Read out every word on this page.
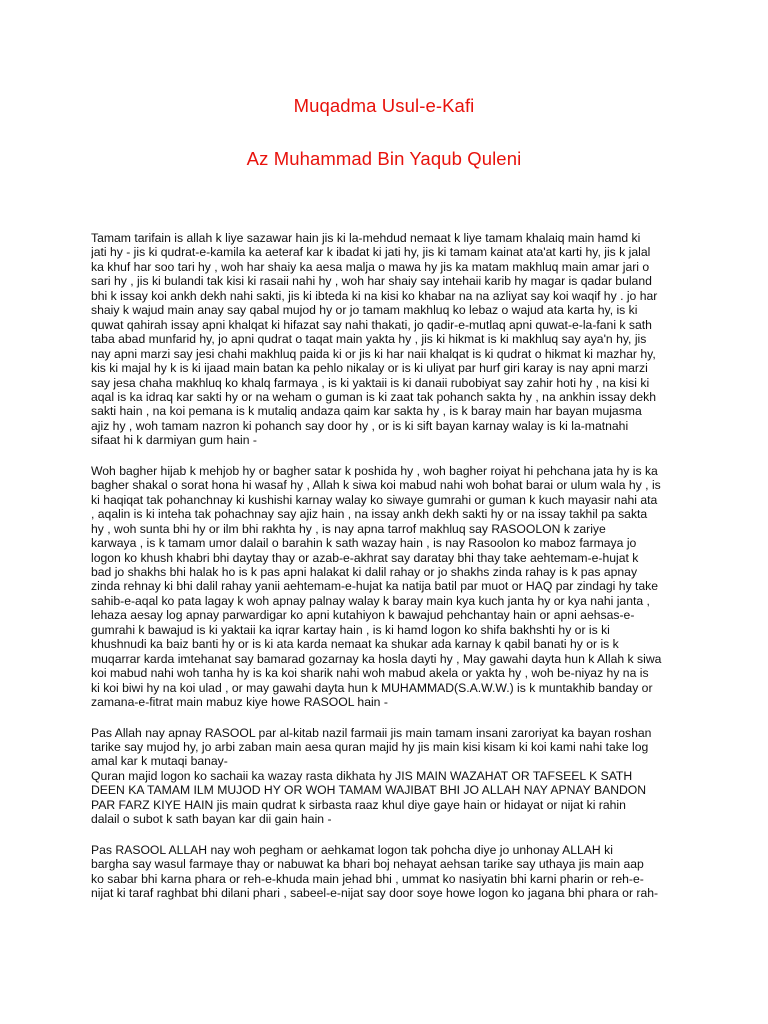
Muqadma Usul-e-Kafi
Az Muhammad Bin Yaqub Quleni

Tamam tarifain is allah k liye sazawar hain jis ki la-mehdud nemaat k liye tamam khalaiq main hamd ki
jati hy - jis ki qudrat-e-kamila ka aeteraf kar k ibadat ki jati hy, jis ki tamam kainat ata'at karti hy, jis k jalal
ka khuf har soo tari hy , woh har shaiy ka aesa malja o mawa hy jis ka matam makhluq main amar jari o
sari hy , jis ki bulandi tak kisi ki rasaii nahi hy , woh har shaiy say intehaii karib hy magar is qadar buland
bhi k issay koi ankh dekh nahi sakti, jis ki ibteda ki na kisi ko khabar na na azliyat say koi waqif hy . jo har
shaiy k wajud main anay say qabal mujod hy or jo tamam makhluq ko lebaz o wajud ata karta hy, is ki
quwat qahirah issay apni khalqat ki hifazat say nahi thakati, jo qadir-e-mutlaq apni quwat-e-la-fani k sath
taba abad munfarid hy, jo apni qudrat o taqat main yakta hy , jis ki hikmat is ki makhluq say aya'n hy, jis
nay apni marzi say jesi chahi makhluq paida ki or jis ki har naii khalqat is ki qudrat o hikmat ki mazhar hy,
kis ki majal hy k is ki ijaad main batan ka pehlo nikalay or is ki uliyat par hurf giri karay is nay apni marzi
say jesa chaha makhluq ko khalq farmaya , is ki yaktaii is ki danaii rubobiyat say zahir hoti hy , na kisi ki
aqal is ka idraq kar sakti hy or na weham o guman is ki zaat tak pohanch sakta hy , na ankhin issay dekh
sakti hain , na koi pemana is k mutaliq andaza qaim kar sakta hy , is k baray main har bayan mujasma
ajiz hy , woh tamam nazron ki pohanch say door hy , or is ki sift bayan karnay walay is ki la-matnahi
sifaat hi k darmiyan gum hain -

Woh bagher hijab k mehjob hy or bagher satar k poshida hy , woh bagher roiyat hi pehchana jata hy is ka
bagher shakal o sorat hona hi wasaf hy , Allah k siwa koi mabud nahi woh bohat barai or ulum wala hy , is
ki haqiqat tak pohanchnay ki kushishi karnay walay ko siwaye gumrahi or guman k kuch mayasir nahi ata
, aqalin is ki inteha tak pohachnay say ajiz hain , na issay ankh dekh sakti hy or na issay takhil pa sakta
hy , woh sunta bhi hy or ilm bhi rakhta hy , is nay apna tarrof makhluq say RASOOLON k zariye
karwaya , is k tamam umor dalail o barahin k sath wazay hain , is nay Rasoolon ko maboz farmaya jo
logon ko khush khabri bhi daytay thay or azab-e-akhrat say daratay bhi thay take aehtemam-e-hujat k
bad jo shakhs bhi halak ho is k pas apni halakat ki dalil rahay or jo shakhs zinda rahay is k pas apnay
zinda rehnay ki bhi dalil rahay yanii aehtemam-e-hujat ka natija batil par muot or HAQ par zindagi hy take
sahib-e-aqal ko pata lagay k woh apnay palnay walay k baray main kya kuch janta hy or kya nahi janta ,
lehaza aesay log apnay parwardigar ko apni kutahiyon k bawajud pehchantay hain or apni aehsas-e-
gumrahi k bawajud is ki yaktaii ka iqrar kartay hain , is ki hamd logon ko shifa bakhshti hy or is ki
khushnudi ka baiz banti hy or is ki ata karda nemaat ka shukar ada karnay k qabil banati hy or is k
muqarrar karda imtehanat say bamarad gozarnay ka hosla dayti hy , May gawahi dayta hun k Allah k siwa
koi mabud nahi woh tanha hy is ka koi sharik nahi woh mabud akela or yakta hy , woh be-niyaz hy na is
ki koi biwi hy na koi ulad , or may gawahi dayta hun k MUHAMMAD(S.A.W.W.) is k muntakhib banday or
zamana-e-fitrat main mabuz kiye howe RASOOL hain -

Pas Allah nay apnay RASOOL par al-kitab nazil farmaii jis main tamam insani zaroriyat ka bayan roshan
tarike say mujod hy, jo arbi zaban main aesa quran majid hy jis main kisi kisam ki koi kami nahi take log
amal kar k mutaqi banay-
Quran majid logon ko sachaii ka wazay rasta dikhata hy JIS MAIN WAZAHAT OR TAFSEEL K SATH
DEEN KA TAMAM ILM MUJOD HY OR WOH TAMAM WAJIBAT BHI JO ALLAH NAY APNAY BANDON
PAR FARZ KIYE HAIN jis main qudrat k sirbasta raaz khul diye gaye hain or hidayat or nijat ki rahin
dalail o subot k sath bayan kar dii gain hain -

Pas RASOOL ALLAH nay woh pegham or aehkamat logon tak pohcha diye jo unhonay ALLAH ki
bargha say wasul farmaye thay or nabuwat ka bhari boj nehayat aehsan tarike say uthaya jis main aap
ko sabar bhi karna phara or reh-e-khuda main jehad bhi , ummat ko nasiyatin bhi karni pharin or reh-e-
nijat ki taraf raghbat bhi dilani phari , sabeel-e-nijat say door soye howe logon ko jagana bhi phara or rah-
